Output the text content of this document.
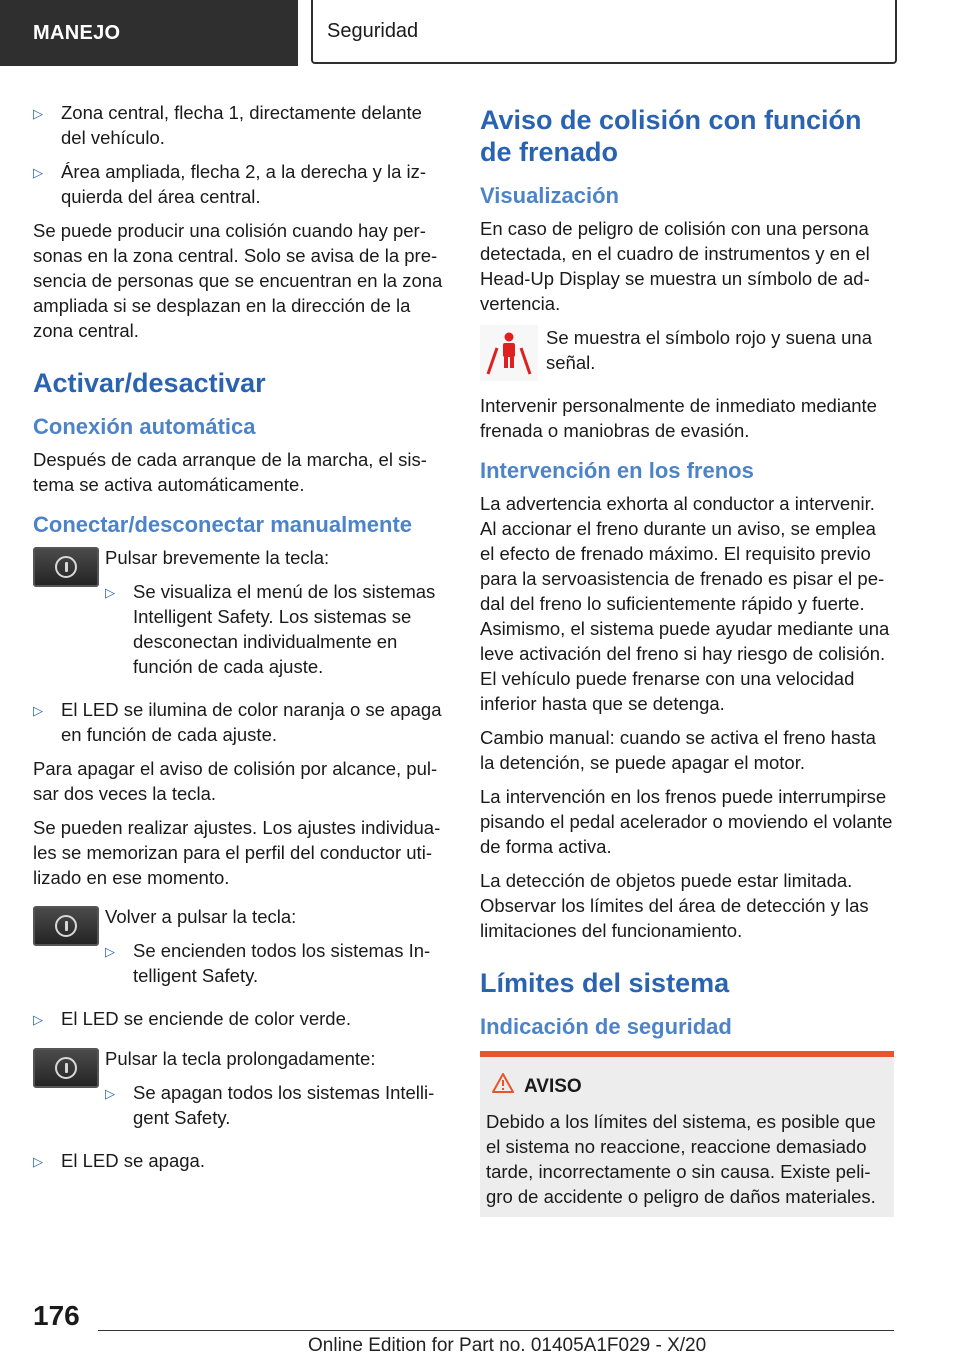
MANEJO	Seguridad
▷ Zona central, flecha 1, directamente delante del vehículo.
▷ Área ampliada, flecha 2, a la derecha y la izquierda del área central.

Se puede producir una colisión cuando hay personas en la zona central. Solo se avisa de la presencia de personas que se encuentran en la zona ampliada si se desplazan en la dirección de la zona central.

Activar/desactivar
Conexión automática

Después de cada arranque de la marcha, el sistema se activa automáticamente.

Conectar/desconectar manualmente

Pulsar brevemente la tecla:

▷ Se visualiza el menú de los sistemas Intelligent Safety. Los sistemas se desconectan individualmente en función de cada ajuste.
▷ El LED se ilumina de color naranja o se apaga en función de cada ajuste.

Para apagar el aviso de colisión por alcance, pulsar dos veces la tecla.

Se pueden realizar ajustes. Los ajustes individuales se memorizan para el perfil del conductor utilizado en ese momento.

Volver a pulsar la tecla:

▷ Se encienden todos los sistemas Intelligent Safety.
▷ El LED se enciende de color verde.

Pulsar la tecla prolongadamente:

▷ Se apagan todos los sistemas Intelligent Safety.
▷ El LED se apaga.
Aviso de colisión con función de frenado
Visualización

En caso de peligro de colisión con una persona detectada, en el cuadro de instrumentos y en el Head-Up Display se muestra un símbolo de advertencia.

Se muestra el símbolo rojo y suena una señal.

Intervenir personalmente de inmediato mediante frenada o maniobras de evasión.

Intervención en los frenos

La advertencia exhorta al conductor a intervenir. Al accionar el freno durante un aviso, se emplea el efecto de frenado máximo. El requisito previo para la servoasistencia de frenado es pisar el pedal del freno lo suficientemente rápido y fuerte. Asimismo, el sistema puede ayudar mediante una leve activación del freno si hay riesgo de colisión. El vehículo puede frenarse con una velocidad inferior hasta que se detenga.

Cambio manual: cuando se activa el freno hasta la detención, se puede apagar el motor.

La intervención en los frenos puede interrumpirse pisando el pedal acelerador o moviendo el volante de forma activa.

La detección de objetos puede estar limitada. Observar los límites del área de detección y las limitaciones del funcionamiento.

Límites del sistema
Indicación de seguridad
AVISO

Debido a los límites del sistema, es posible que el sistema no reaccione, reaccione demasiado tarde, incorrectamente o sin causa. Existe peligro de accidente o peligro de daños materiales.

176
Online Edition for Part no. 01405A1F029 - X/20
